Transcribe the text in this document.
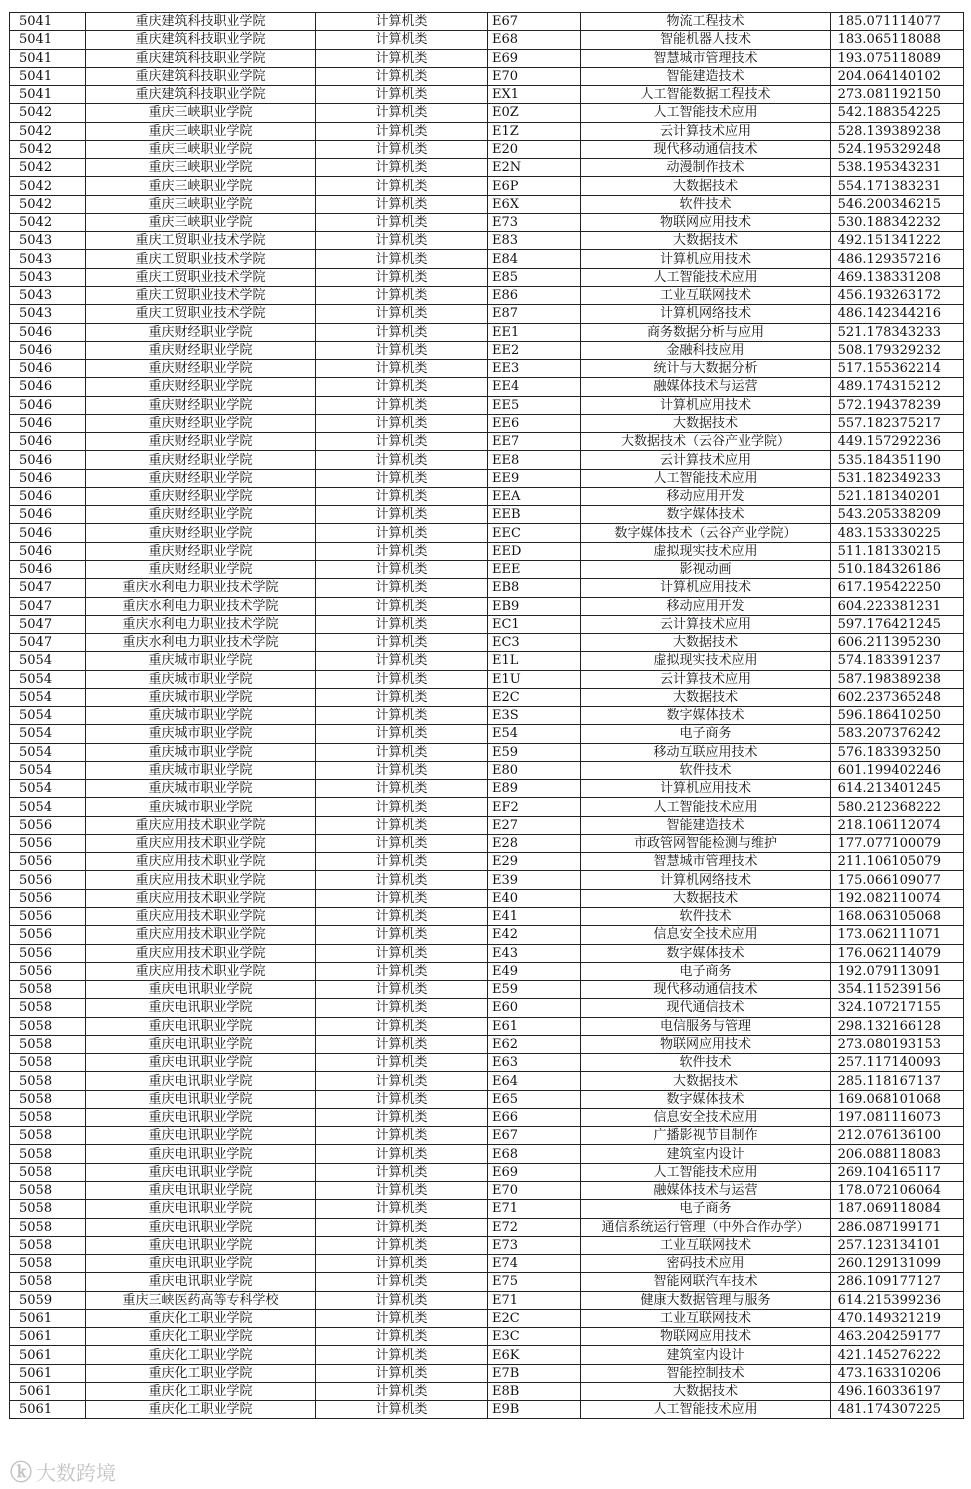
5041	重庆建筑科技职业学院	计算机类	E67	物流工程技术	185.071114077
5041	重庆建筑科技职业学院	计算机类	E68	智能机器人技术	183.065118088
5041	重庆建筑科技职业学院	计算机类	E69	智慧城市管理技术	193.075118089
5041	重庆建筑科技职业学院	计算机类	E70	智能建造技术	204.064140102
5041	重庆建筑科技职业学院	计算机类	EX1	人工智能数据工程技术	273.081192150
5042	重庆三峡职业学院	计算机类	E0Z	人工智能技术应用	542.188354225
5042	重庆三峡职业学院	计算机类	E1Z	云计算技术应用	528.139389238
5042	重庆三峡职业学院	计算机类	E20	现代移动通信技术	524.195329248
5042	重庆三峡职业学院	计算机类	E2N	动漫制作技术	538.195343231
5042	重庆三峡职业学院	计算机类	E6P	大数据技术	554.171383231
5042	重庆三峡职业学院	计算机类	E6X	软件技术	546.200346215
5042	重庆三峡职业学院	计算机类	E73	物联网应用技术	530.188342232
5043	重庆工贸职业技术学院	计算机类	E83	大数据技术	492.151341222
5043	重庆工贸职业技术学院	计算机类	E84	计算机应用技术	486.129357216
5043	重庆工贸职业技术学院	计算机类	E85	人工智能技术应用	469.138331208
5043	重庆工贸职业技术学院	计算机类	E86	工业互联网技术	456.193263172
5043	重庆工贸职业技术学院	计算机类	E87	计算机网络技术	486.142344216
5046	重庆财经职业学院	计算机类	EE1	商务数据分析与应用	521.178343233
5046	重庆财经职业学院	计算机类	EE2	金融科技应用	508.179329232
5046	重庆财经职业学院	计算机类	EE3	统计与大数据分析	517.155362214
5046	重庆财经职业学院	计算机类	EE4	融媒体技术与运营	489.174315212
5046	重庆财经职业学院	计算机类	EE5	计算机应用技术	572.194378239
5046	重庆财经职业学院	计算机类	EE6	大数据技术	557.182375217
5046	重庆财经职业学院	计算机类	EE7	大数据技术（云谷产业学院）	449.157292236
5046	重庆财经职业学院	计算机类	EE8	云计算技术应用	535.184351190
5046	重庆财经职业学院	计算机类	EE9	人工智能技术应用	531.182349233
5046	重庆财经职业学院	计算机类	EEA	移动应用开发	521.181340201
5046	重庆财经职业学院	计算机类	EEB	数字媒体技术	543.205338209
5046	重庆财经职业学院	计算机类	EEC	数字媒体技术（云谷产业学院）	483.153330225
5046	重庆财经职业学院	计算机类	EED	虚拟现实技术应用	511.181330215
5046	重庆财经职业学院	计算机类	EEE	影视动画	510.184326186
5047	重庆水利电力职业技术学院	计算机类	EB8	计算机应用技术	617.195422250
5047	重庆水利电力职业技术学院	计算机类	EB9	移动应用开发	604.223381231
5047	重庆水利电力职业技术学院	计算机类	EC1	云计算技术应用	597.176421245
5047	重庆水利电力职业技术学院	计算机类	EC3	大数据技术	606.211395230
5054	重庆城市职业学院	计算机类	E1L	虚拟现实技术应用	574.183391237
5054	重庆城市职业学院	计算机类	E1U	云计算技术应用	587.198389238
5054	重庆城市职业学院	计算机类	E2C	大数据技术	602.237365248
5054	重庆城市职业学院	计算机类	E3S	数字媒体技术	596.186410250
5054	重庆城市职业学院	计算机类	E54	电子商务	583.207376242
5054	重庆城市职业学院	计算机类	E59	移动互联应用技术	576.183393250
5054	重庆城市职业学院	计算机类	E80	软件技术	601.199402246
5054	重庆城市职业学院	计算机类	E89	计算机应用技术	614.213401245
5054	重庆城市职业学院	计算机类	EF2	人工智能技术应用	580.212368222
5056	重庆应用技术职业学院	计算机类	E27	智能建造技术	218.106112074
5056	重庆应用技术职业学院	计算机类	E28	市政管网智能检测与维护	177.077100079
5056	重庆应用技术职业学院	计算机类	E29	智慧城市管理技术	211.106105079
5056	重庆应用技术职业学院	计算机类	E39	计算机网络技术	175.066109077
5056	重庆应用技术职业学院	计算机类	E40	大数据技术	192.082110074
5056	重庆应用技术职业学院	计算机类	E41	软件技术	168.063105068
5056	重庆应用技术职业学院	计算机类	E42	信息安全技术应用	173.062111071
5056	重庆应用技术职业学院	计算机类	E43	数字媒体技术	176.062114079
5056	重庆应用技术职业学院	计算机类	E49	电子商务	192.079113091
5058	重庆电讯职业学院	计算机类	E59	现代移动通信技术	354.115239156
5058	重庆电讯职业学院	计算机类	E60	现代通信技术	324.107217155
5058	重庆电讯职业学院	计算机类	E61	电信服务与管理	298.132166128
5058	重庆电讯职业学院	计算机类	E62	物联网应用技术	273.080193153
5058	重庆电讯职业学院	计算机类	E63	软件技术	257.117140093
5058	重庆电讯职业学院	计算机类	E64	大数据技术	285.118167137
5058	重庆电讯职业学院	计算机类	E65	数字媒体技术	169.068101068
5058	重庆电讯职业学院	计算机类	E66	信息安全技术应用	197.081116073
5058	重庆电讯职业学院	计算机类	E67	广播影视节目制作	212.076136100
5058	重庆电讯职业学院	计算机类	E68	建筑室内设计	206.088118083
5058	重庆电讯职业学院	计算机类	E69	人工智能技术应用	269.104165117
5058	重庆电讯职业学院	计算机类	E70	融媒体技术与运营	178.072106064
5058	重庆电讯职业学院	计算机类	E71	电子商务	187.069118084
5058	重庆电讯职业学院	计算机类	E72	通信系统运行管理（中外合作办学）	286.087199171
5058	重庆电讯职业学院	计算机类	E73	工业互联网技术	257.123134101
5058	重庆电讯职业学院	计算机类	E74	密码技术应用	260.129131099
5058	重庆电讯职业学院	计算机类	E75	智能网联汽车技术	286.109177127
5059	重庆三峡医药高等专科学校	计算机类	E71	健康大数据管理与服务	614.215399236
5061	重庆化工职业学院	计算机类	E2C	工业互联网技术	470.149321219
5061	重庆化工职业学院	计算机类	E3C	物联网应用技术	463.204259177
5061	重庆化工职业学院	计算机类	E6K	建筑室内设计	421.145276222
5061	重庆化工职业学院	计算机类	E7B	智能控制技术	473.163310206
5061	重庆化工职业学院	计算机类	E8B	大数据技术	496.160336197
5061	重庆化工职业学院	计算机类	E9B	人工智能技术应用	481.174307225
ⓚ 大数跨境
